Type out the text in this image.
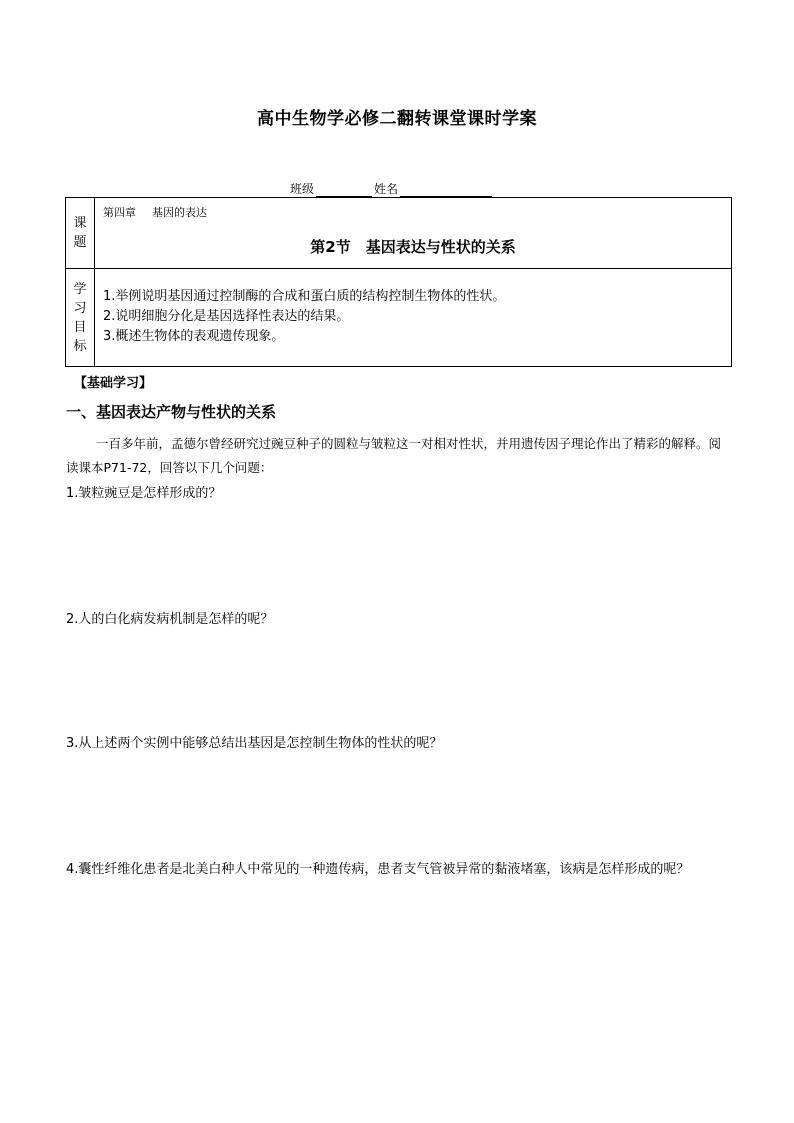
高中生物学必修二翻转课堂课时学案
班级	姓名
课
题
第四章 基因的表达
第2节　基因表达与性状的关系
学
习
目
标
1.举例说明基因通过控制酶的合成和蛋白质的结构控制生物体的性状。
2.说明细胞分化是基因选择性表达的结果。
3.概述生物体的表观遗传现象。
【基础学习】
一、基因表达产物与性状的关系
一百多年前，孟德尔曾经研究过豌豆种子的圆粒与皱粒这一对相对性状，并用遗传因子理论作出了精彩的解释。阅读课本P71-72，回答以下几个问题：
1.皱粒豌豆是怎样形成的？
2.人的白化病发病机制是怎样的呢？
3.从上述两个实例中能够总结出基因是怎控制生物体的性状的呢？
4.囊性纤维化患者是北美白种人中常见的一种遗传病，患者支气管被异常的黏液堵塞，该病是怎样形成的呢？
